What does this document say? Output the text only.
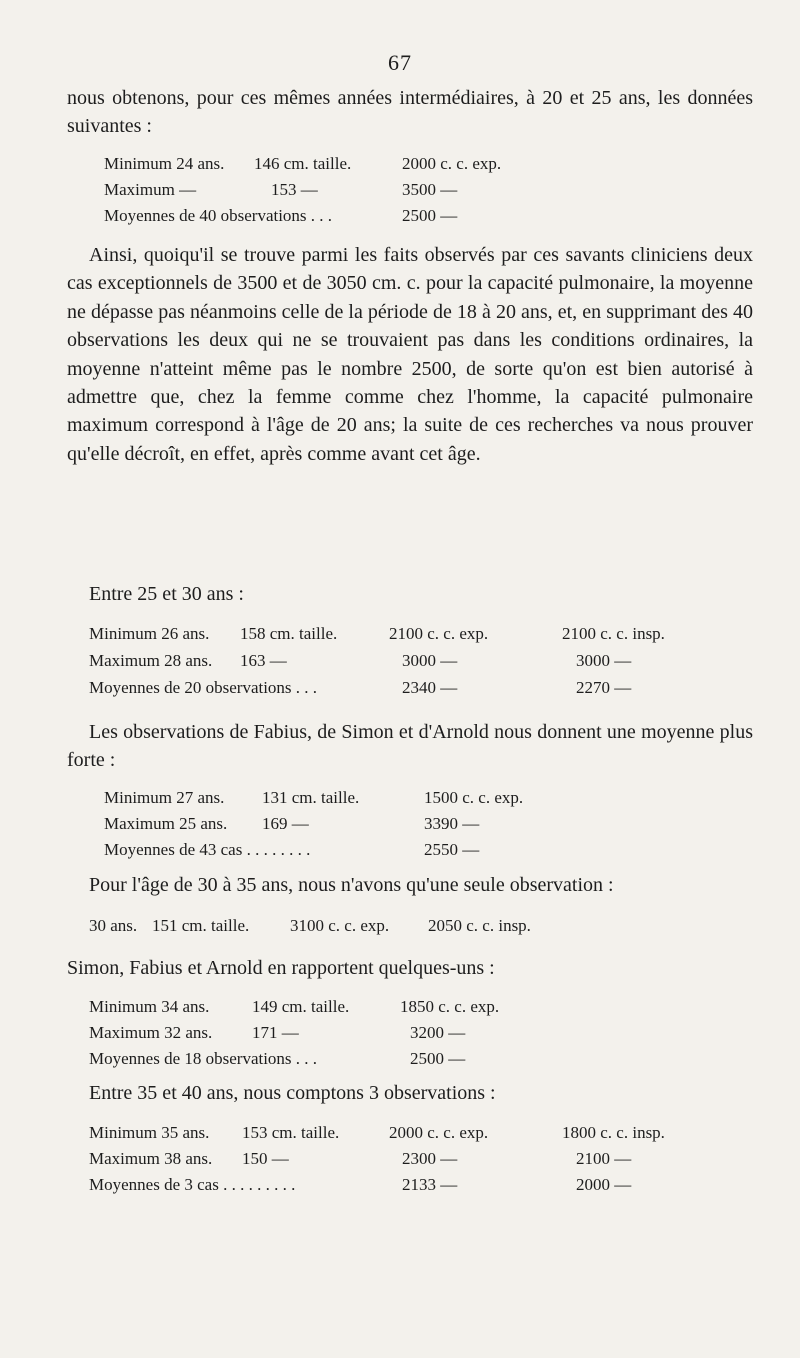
67

nous obtenons, pour ces mêmes années intermédiaires, à 20 et 25 ans, les données suivantes :

Minimum 24 ans. 146 cm. taille.	2000 c. c. exp.
Maximum —	153 —	3500 —
Moyennes de 40 observations . . .	2500 —

Ainsi, quoiqu'il se trouve parmi les faits observés par ces savants cliniciens deux cas exceptionnels de 3500 et de 3050 cm. c. pour la capacité pulmonaire, la moyenne ne dépasse pas néanmoins celle de la période de 18 à 20 ans, et, en supprimant des 40 observations les deux qui ne se trouvaient pas dans les conditions ordinaires, la moyenne n'atteint même pas le nombre 2500, de sorte qu'on est bien autorisé à admettre que, chez la femme comme chez l'homme, la capacité pulmonaire maximum correspond à l'âge de 20 ans; la suite de ces recherches va nous prouver qu'elle décroît, en effet, après comme avant cet âge.

Entre 25 et 30 ans :
Minimum 26 ans. 158 cm. taille.	2100 c. c. exp.	2100 c. c. insp.
Maximum 28 ans. 163 —	3000 —	3000 —
Moyennes de 20 observations . . .	2340 —	2270 —

Les observations de Fabius, de Simon et d'Arnold nous donnent une moyenne plus forte :

Minimum 27 ans. 131 cm. taille.	1500 c. c. exp.
Maximum 25 ans. 169 —	3390 —
Moyennes de 43 cas . . . . . . . .	2550 —
Pour l'âge de 30 à 35 ans, nous n'avons qu'une seule observation :
30 ans. 151 cm. taille. 3100 c. c. exp. 2050 c. c. insp.
Simon, Fabius et Arnold en rapportent quelques-uns :
Minimum 34 ans.	149 cm. taille.	1850 c. c. exp.
Maximum 32 ans. 171 —	3200 —
Moyennes de 18 observations . . .	2500 —
Entre 35 et 40 ans, nous comptons 3 observations :
Minimum 35 ans. 153 cm. taille.	2000 c. c. exp.	1800 c. c. insp.
Maximum 38 ans. 150 —	2300 —	2100 —
Moyennes de 3 cas . . . . . . . . .	2133 —	2000 —
